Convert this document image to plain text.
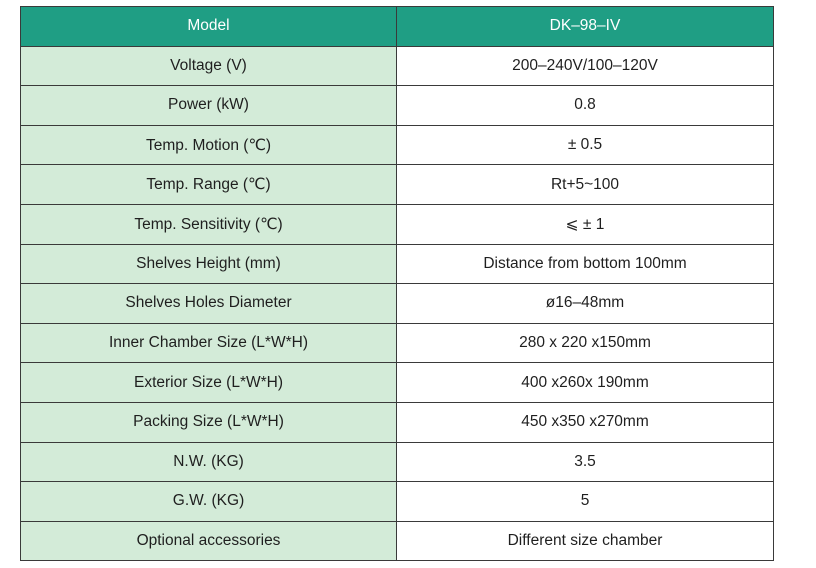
Model	DK–98–IV
Voltage (V)	200–240V/100–120V
Power (kW)	0.8
Temp. Motion (℃)	± 0.5
Temp. Range (℃)	Rt+5~100
Temp. Sensitivity (℃)	⩽ ± 1
Shelves Height (mm)	Distance from bottom 100mm
Shelves Holes Diameter	ø16–48mm
Inner Chamber Size (L*W*H)	280 x 220 x150mm
Exterior Size (L*W*H)	400 x260x 190mm
Packing Size (L*W*H)	450 x350 x270mm
N.W. (KG)	3.5
G.W. (KG)	5
Optional accessories	Different size chamber
